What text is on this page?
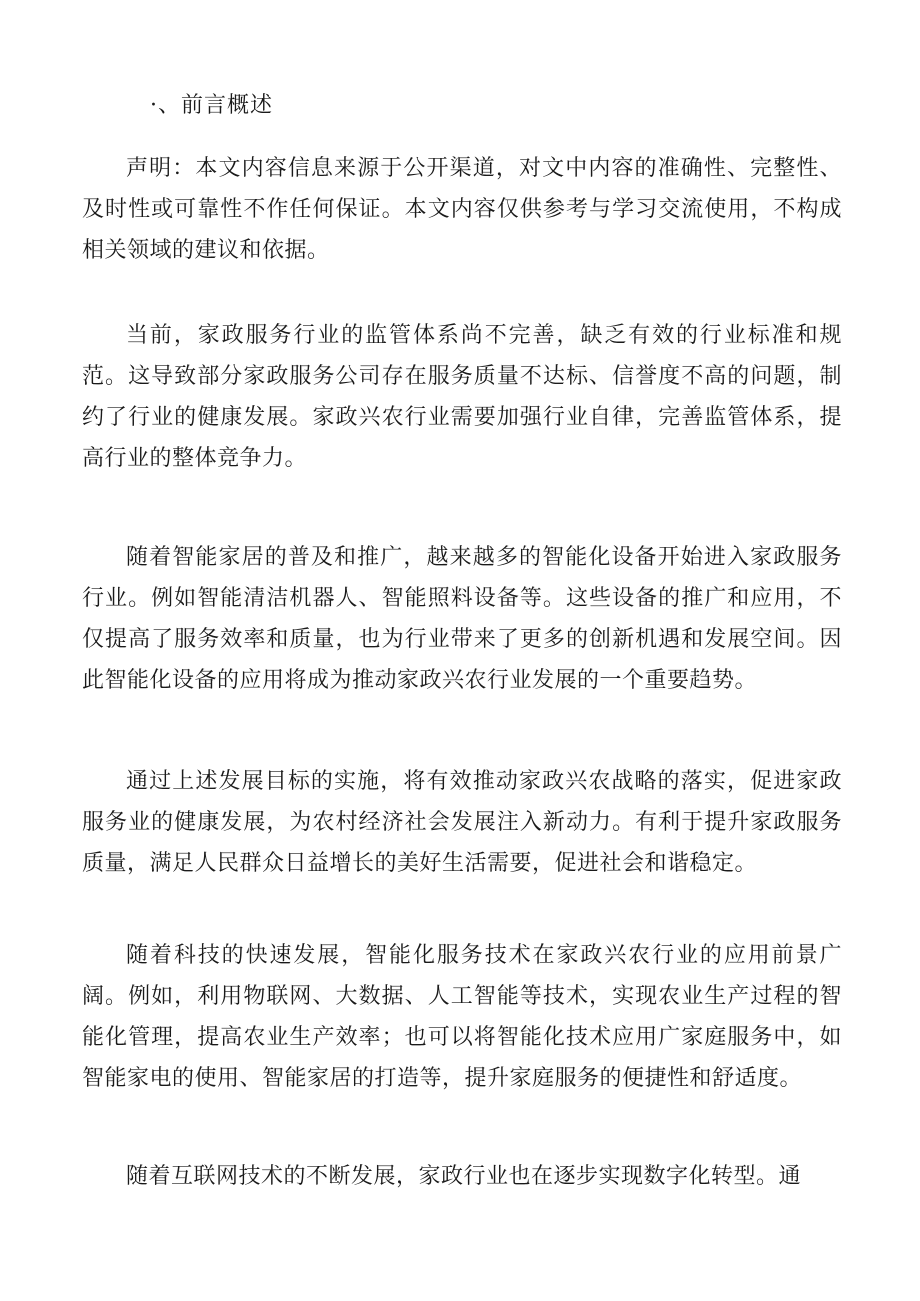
·、前言概述

声明：本文内容信息来源于公开渠道，对文中内容的准确性、完整性、及时性或可靠性不作任何保证。本文内容仅供参考与学习交流使用，不构成相关领域的建议和依据。

当前，家政服务行业的监管体系尚不完善，缺乏有效的行业标准和规范。这导致部分家政服务公司存在服务质量不达标、信誉度不高的问题，制约了行业的健康发展。家政兴农行业需要加强行业自律，完善监管体系，提高行业的整体竞争力。

随着智能家居的普及和推广，越来越多的智能化设备开始进入家政服务行业。例如智能清洁机器人、智能照料设备等。这些设备的推广和应用，不仅提高了服务效率和质量，也为行业带来了更多的创新机遇和发展空间。因此智能化设备的应用将成为推动家政兴农行业发展的一个重要趋势。

通过上述发展目标的实施，将有效推动家政兴农战略的落实，促进家政服务业的健康发展，为农村经济社会发展注入新动力。有利于提升家政服务质量，满足人民群众日益增长的美好生活需要，促进社会和谐稳定。

随着科技的快速发展，智能化服务技术在家政兴农行业的应用前景广阔。例如，利用物联网、大数据、人工智能等技术，实现农业生产过程的智能化管理，提高农业生产效率；也可以将智能化技术应用广家庭服务中，如智能家电的使用、智能家居的打造等，提升家庭服务的便捷性和舒适度。

随着互联网技术的不断发展，家政行业也在逐步实现数字化转型。通
